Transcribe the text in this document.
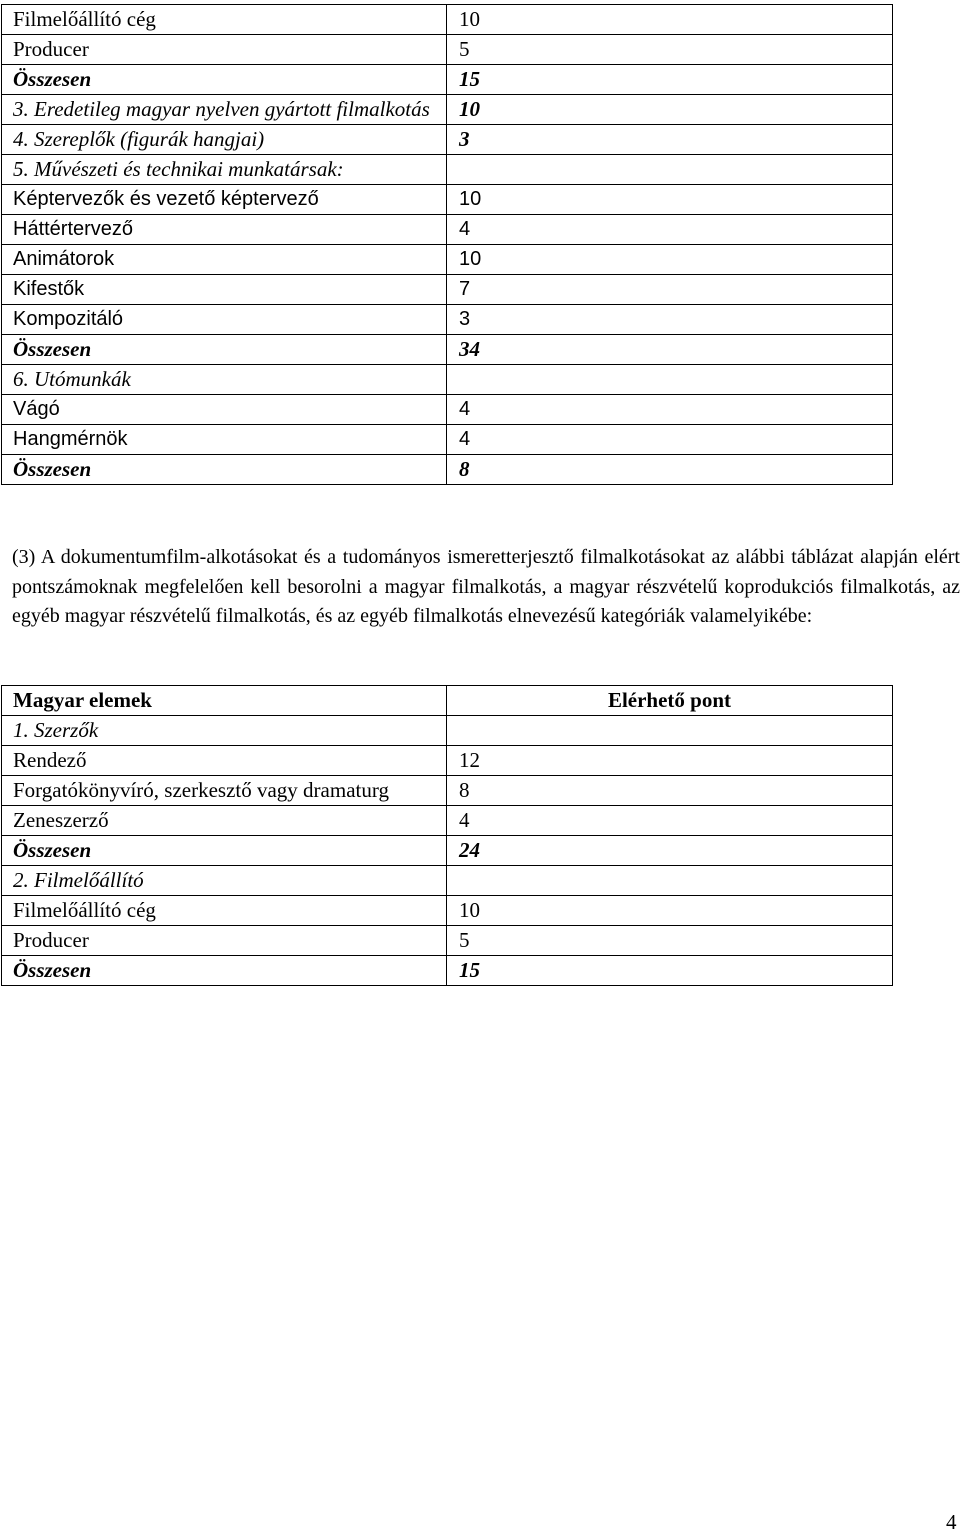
Filmelőállító cég	10
Producer	5
Összesen	15
3. Eredetileg magyar nyelven gyártott filmalkotás	10
4. Szereplők (figurák hangjai)	3
5. Művészeti és technikai munkatársak:	
Képtervezők és vezető képtervező	10
Háttértervező	4
Animátorok	10
Kifestők	7
Kompozitáló	3
Összesen	34
6. Utómunkák	
Vágó	4
Hangmérnök	4
Összesen	8

(3) A dokumentumfilm-alkotásokat és a tudományos ismeretterjesztő filmalkotásokat az alábbi táblázat alapján elért pontszámoknak megfelelően kell besorolni a magyar filmalkotás, a magyar részvételű koprodukciós filmalkotás, az egyéb magyar részvételű filmalkotás, és az egyéb filmalkotás elnevezésű kategóriák valamelyikébe:

Magyar elemek	Elérhető pont
1. Szerzők	
Rendező	12
Forgatókönyvíró, szerkesztő vagy dramaturg	8
Zeneszerző	4
Összesen	24
2. Filmelőállító	
Filmelőállító cég	10
Producer	5
Összesen	15
4
